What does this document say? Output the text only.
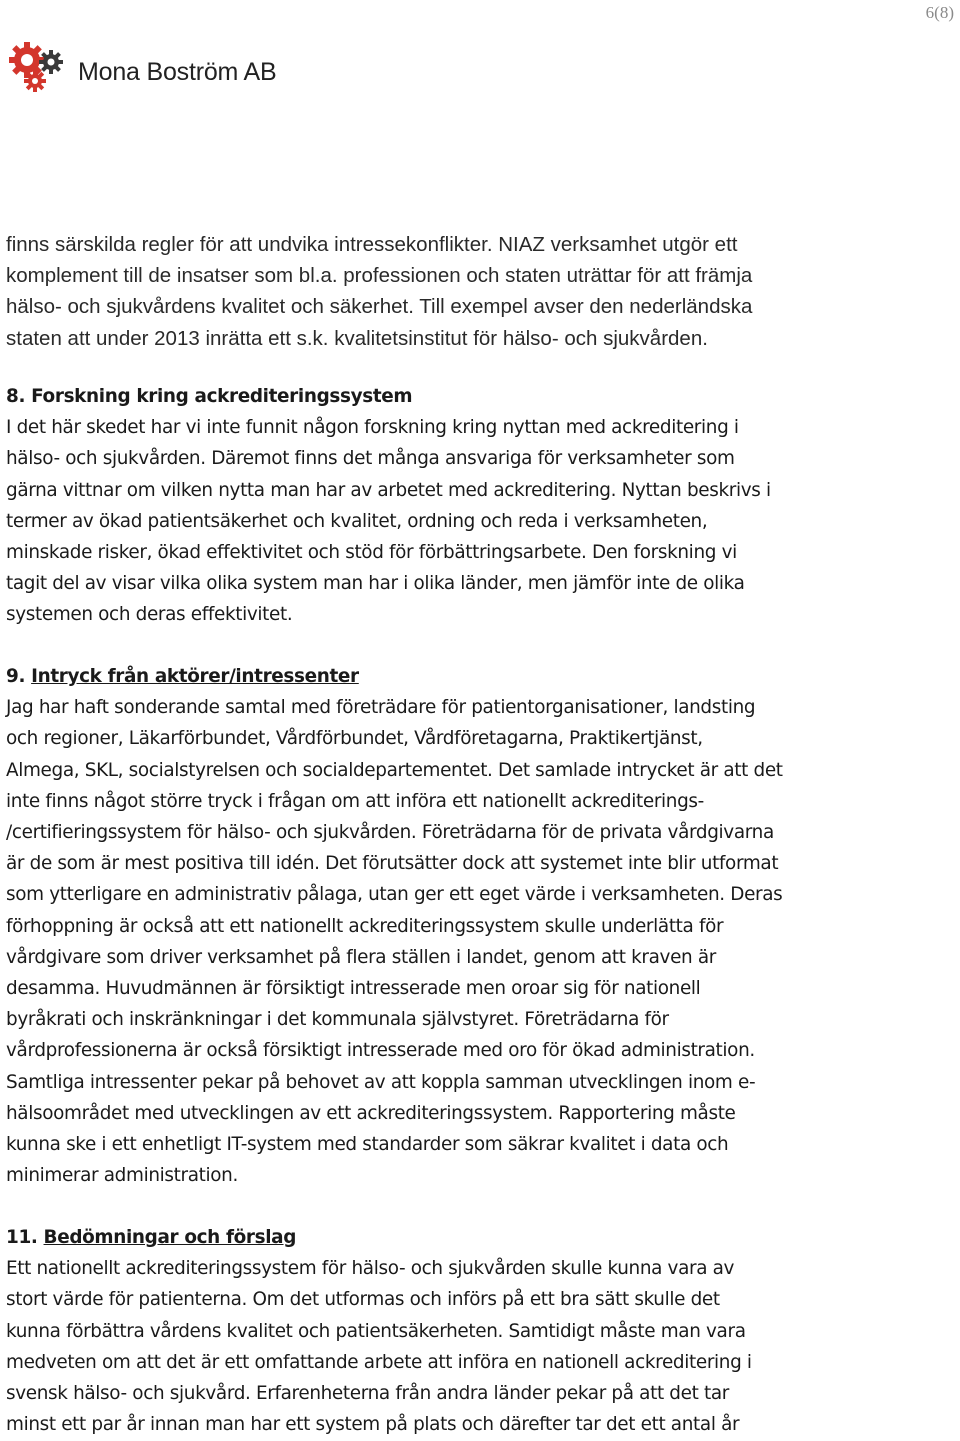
6(8)
Mona Boström AB
finns särskilda regler för att undvika intressekonflikter. NIAZ verksamhet utgör ett
komplement till de insatser som bl.a. professionen och staten uträttar för att främja
hälso- och sjukvårdens kvalitet och säkerhet. Till exempel avser den nederländska
staten att under 2013 inrätta ett s.k. kvalitetsinstitut för hälso- och sjukvården.

8. Forskning kring ackrediteringssystem

I det här skedet har vi inte funnit någon forskning kring nyttan med ackreditering i

hälso- och sjukvården. Däremot finns det många ansvariga för verksamheter som

gärna vittnar om vilken nytta man har av arbetet med ackreditering. Nyttan beskrivs i

termer av ökad patientsäkerhet och kvalitet, ordning och reda i verksamheten,

minskade risker, ökad effektivitet och stöd för förbättringsarbete. Den forskning vi

tagit del av visar vilka olika system man har i olika länder, men jämför inte de olika

systemen och deras effektivitet.

9. Intryck från aktörer/intressenter

Jag har haft sonderande samtal med företrädare för patientorganisationer, landsting

och regioner, Läkarförbundet, Vårdförbundet, Vårdföretagarna, Praktikertjänst,

Almega, SKL, socialstyrelsen och socialdepartementet. Det samlade intrycket är att det

inte finns något större tryck i frågan om att införa ett nationellt ackrediterings-

/certifieringssystem för hälso- och sjukvården. Företrädarna för de privata vårdgivarna

är de som är mest positiva till idén. Det förutsätter dock att systemet inte blir utformat

som ytterligare en administrativ pålaga, utan ger ett eget värde i verksamheten. Deras

förhoppning är också att ett nationellt ackrediteringssystem skulle underlätta för

vårdgivare som driver verksamhet på flera ställen i landet, genom att kraven är

desamma. Huvudmännen är försiktigt intresserade men oroar sig för nationell

byråkrati och inskränkningar i det kommunala självstyret. Företrädarna för

vårdprofessionerna är också försiktigt intresserade med oro för ökad administration.

Samtliga intressenter pekar på behovet av att koppla samman utvecklingen inom e-

hälsoområdet med utvecklingen av ett ackrediteringssystem. Rapportering måste

kunna ske i ett enhetligt IT-system med standarder som säkrar kvalitet i data och

minimerar administration.

11. Bedömningar och förslag

Ett nationellt ackrediteringssystem för hälso- och sjukvården skulle kunna vara av

stort värde för patienterna. Om det utformas och införs på ett bra sätt skulle det

kunna förbättra vårdens kvalitet och patientsäkerheten. Samtidigt måste man vara

medveten om att det är ett omfattande arbete att införa en nationell ackreditering i

svensk hälso- och sjukvård. Erfarenheterna från andra länder pekar på att det tar

minst ett par år innan man har ett system på plats och därefter tar det ett antal år
